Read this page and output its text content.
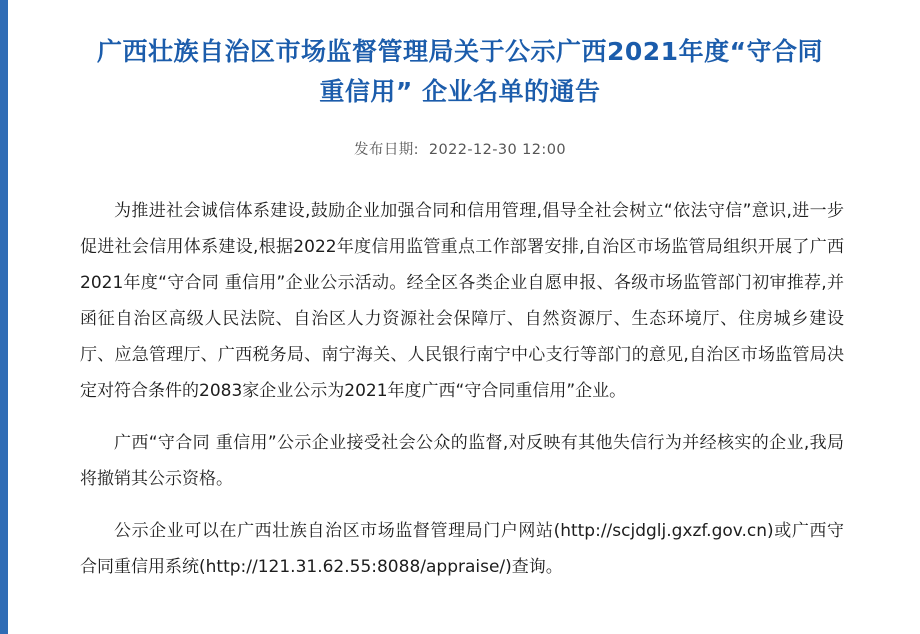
广西壮族自治区市场监督管理局关于公示广西2021年度“守合同 重信用” 企业名单的通告
发布日期: 2022-12-30 12:00

为推进社会诚信体系建设,鼓励企业加强合同和信用管理,倡导全社会树立“依法守信”意识,进一步促进社会信用体系建设,根据2022年度信用监管重点工作部署安排,自治区市场监管局组织开展了广西2021年度“守合同 重信用”企业公示活动。经全区各类企业自愿申报、各级市场监管部门初审推荐,并函征自治区高级人民法院、自治区人力资源社会保障厅、自然资源厅、生态环境厅、住房城乡建设厅、应急管理厅、广西税务局、南宁海关、人民银行南宁中心支行等部门的意见,自治区市场监管局决定对符合条件的2083家企业公示为2021年度广西“守合同重信用”企业。

广西“守合同 重信用”公示企业接受社会公众的监督,对反映有其他失信行为并经核实的企业,我局将撤销其公示资格。

公示企业可以在广西壮族自治区市场监督管理局门户网站(http://scjdglj.gxzf.gov.cn)或广西守合同重信用系统(http://121.31.62.55:8088/appraise/)查询。
